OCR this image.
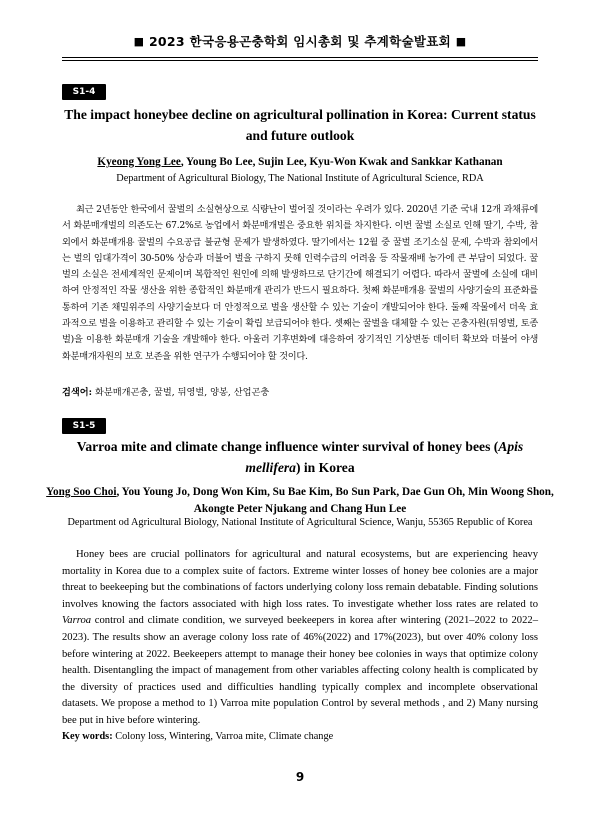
■ 2023 한국응용곤충학회 임시총회 및 추계학술발표회 ■
S1-4
The impact honeybee decline on agricultural pollination in Korea: Current status and future outlook
Kyeong Yong Lee, Young Bo Lee, Sujin Lee, Kyu-Won Kwak and Sankkar Kathanan
Department of Agricultural Biology, The National Institute of Agricultural Science, RDA
최근 2년동안 한국에서 꿀벌의 소실현상으로 식량난이 벌어질 것이라는 우려가 있다. 2020년 기준 국내 12개 과채류에서 화분매개벌의 의존도는 67.2%로 농업에서 화분매개벌은 중요한 위치를 차지한다. 이번 꿀벌 소실로 인해 딸기, 수박, 참외에서 화분매개용 꿀벌의 수요공급 불균형 문제가 발생하였다. 딸기에서는 12월 중 꿀벌 조기소실 문제, 수박과 참외에서는 벌의 임대가격이 30-50% 상승과 더불어 벌을 구하지 못해 인력수급의 어려움 등 작물재배 농가에 큰 부담이 되었다. 꿀벌의 소실은 전세계적인 문제이며 복합적인 원인에 의해 발생하므로 단기간에 해결되기 어렵다. 따라서 꿀벌에 소실에 대비하여 안정적인 작물 생산을 위한 종합적인 화분매개 관리가 반드시 필요하다. 첫째 화분매개용 꿀벌의 사양기술의 표준화를 통하여 기존 채밀위주의 사양기술보다 더 안정적으로 벌을 생산할 수 있는 기술이 개발되어야 한다. 둘째 작물에서 더욱 효과적으로 벌을 이용하고 관리할 수 있는 기술이 확립 보급되어야 한다. 셋째는 꿀벌을 대체할 수 있는 곤충자원(뒤영벌, 토종벌)을 이용한 화분매개 기술을 개발해야 한다. 아울러 기후변화에 대응하여 장기적인 기상변동 데이터 확보와 더불어 야생 화분매개자원의 보호 보존을 위한 연구가 수행되어야 할 것이다.
검색어: 화분매개곤충, 꿀벌, 뒤영벌, 양봉, 산업곤충
S1-5
Varroa mite and climate change influence winter survival of honey bees (Apis mellifera) in Korea
Yong Soo Choi, You Young Jo, Dong Won Kim, Su Bae Kim, Bo Sun Park, Dae Gun Oh, Min Woong Shon, Akongte Peter Njukang and Chang Hun Lee
Department od Agricultural Biology, National Institute of Agricultural Science, Wanju, 55365 Republic of Korea
Honey bees are crucial pollinators for agricultural and natural ecosystems, but are experiencing heavy mortality in Korea due to a complex suite of factors. Extreme winter losses of honey bee colonies are a major threat to beekeeping but the combinations of factors underlying colony loss remain debatable. Finding solutions involves knowing the factors associated with high loss rates. To investigate whether loss rates are related to Varroa control and climate condition, we surveyed beekeepers in korea after wintering (2021–2022 to 2022–2023). The results show an average colony loss rate of 46%(2022) and 17%(2023), but over 40% colony loss before wintering at 2022. Beekeepers attempt to manage their honey bee colonies in ways that optimize colony health. Disentangling the impact of management from other variables affecting colony health is complicated by the diversity of practices used and difficulties handling typically complex and incomplete observational datasets. We propose a method to 1) Varroa mite population Control by several methods , and 2) Many nursing bee put in hive before wintering.
Key words: Colony loss, Wintering, Varroa mite, Climate change
9
